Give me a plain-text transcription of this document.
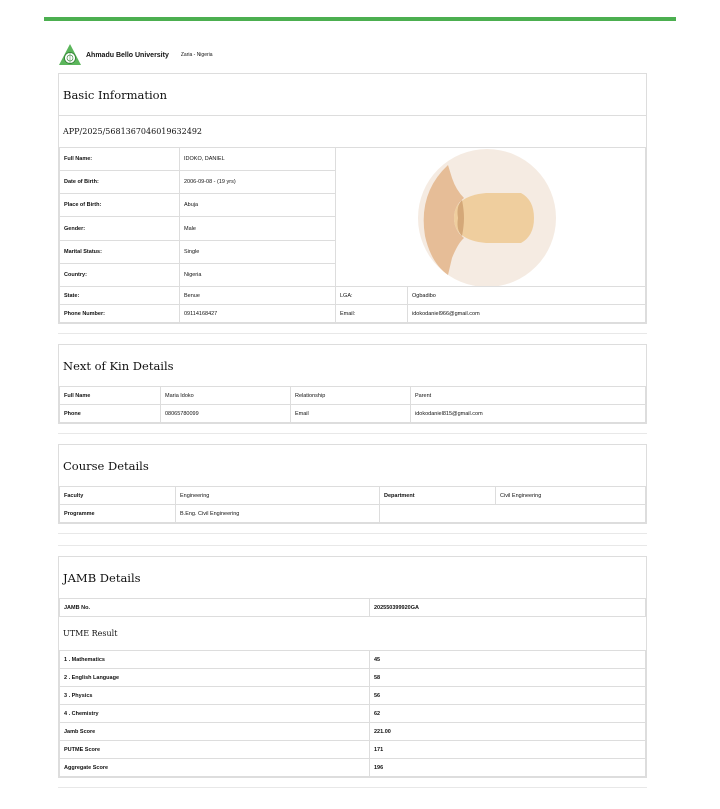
Ahmadu Bello University Zaria - Nigeria
Basic Information
APP/2025/56813670460196324​92
Full Name:	IDOKO, DANIEL	

Date of Birth:	2006-09-08 - (19 yrs)		
Place of Birth:	Abuja		
Gender:	Male		
Marital Status:	Single		
Country:	Nigeria		
State:	Benue	LGA:	Ogbadibo
Phone Number:	09114168427	Email:	idokodaniel966@gmail.com
Next of Kin Details
Full Name	Maria Idoko	Relationship	Parent
Phone	08065780099	Email	idokodaniel815@gmail.com
Course Details
Faculty	Engineering	Department	Civil Engineering
Programme	B.Eng. Civil Engineering		
JAMB Details
JAMB No.	202550399920GA
UTME Result
1 . Mathematics	45
2 . English Language	58
3 . Physics	56
4 . Chemistry	62
Jamb Score	221.00
PUTME Score	171
Aggregate Score	196
